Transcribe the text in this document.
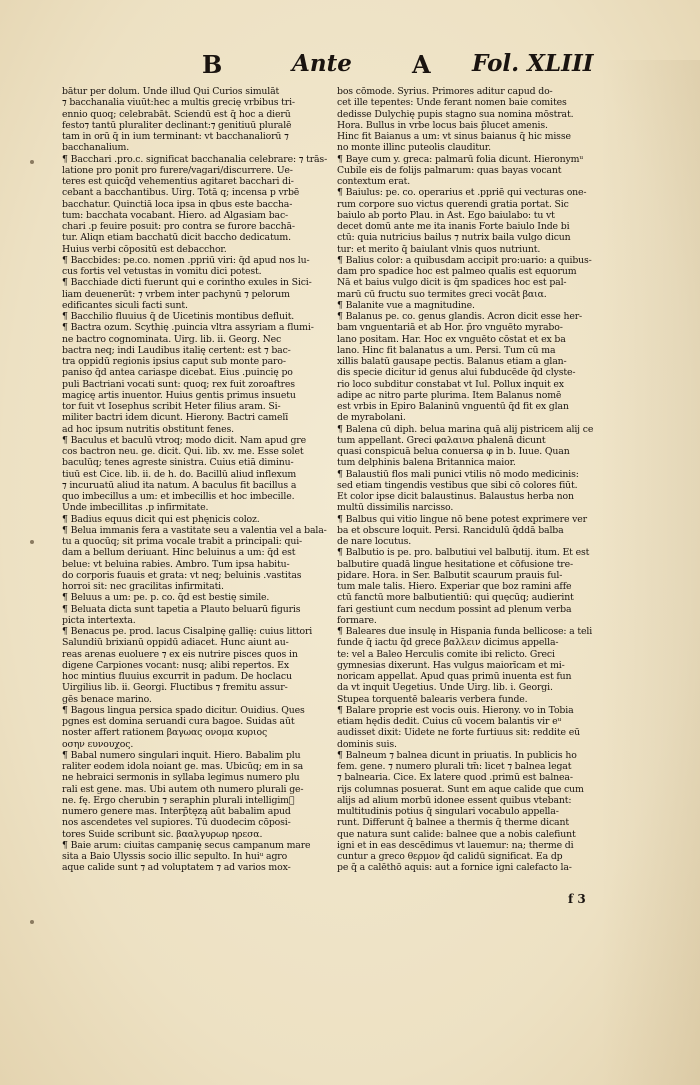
B	Ante	A Fol. XLIII
bātur per dolum. Unde illud Qui Curios simulāt
⁊ bacchanalia viuūt:hec a multis grecię vrbibus tri-
ennio quoq; celebrabāt. Sciendū est q̄ hoc a dierū
festo⁊ tantū pluraliter declinant:⁊ genitiuū pluralē
tam in orū q̄ in ium terminant: vt bacchanaliorū ⁊
bacchanalium.
¶ Bacchari .pro.c. significat bacchanalia celebrare: ⁊ trās-
latione pro ponit pro furere/vagari/discurrere. Ue-
teres est quicq̄d vehementius agitaret bacchari di-
cebant a bacchantibus. Uirg. Totā q; incensa p vrbē
bacchatur. Quinctiā loca ipsa in qbus este baccha-
tum: bacchata vocabant. Hiero. ad Algasiam bac-
chari .p feuire posuit: pro contra se furore bacchā-
tur. Aliqn etiam bacchatū dicit baccho dedicatum.
Huius verbi cōpositū est debacchor.
¶ Baccbides: pe.co. nomen .ppriū viri: q̄d apud nos lu-
cus fortis vel vetustas in vomitu dici potest.
¶ Bacchiade dicti fuerunt qui e corintho exules in Sici-
liam deuenerūt: ⁊ vrbem inter pachynū ⁊ pelorum
edificantes siculi facti sunt.
¶ Bacchilio fluuius q̄ de Uicetinis montibus defluit.
¶ Bactra ozum. Scythię .puincia vltra assyriam a flumi-
ne bactro cognominata. Uirg. lib. ii. Georg. Nec
bactra neq; indi Laudibus italię certent: est ⁊ bac-
tra oppidū regionis ipsius caput sub monte paro-
paniso q̄d antea cariaspe dicebat. Eius .puincię po
puli Bactriani vocati sunt: quoq; rex fuit zoroaftres
magicę artis inuentor. Huius gentis primus insuetu
tor fuit vt Iosephus scribit Heter filius aram. Si-
militer bactri idem dicunt. Hierony. Bactri camelī
ad hoc ipsum nutritis obstitunt fenes.
¶ Baculus et baculū vtroq; modo dicit. Nam apud gre
cos bactron neu. ge. dicit. Qui. lib. xv. me. Esse solet
baculūq; tenes agreste sinistra. Cuius etiā diminu-
tiuū est Cice. lib. ii. de h. do. Bacillū aliud inflexum
⁊ incuruatū aliud ita natum. A baculus fit bacillus a
quo imbecillus a um: et imbecillis et hoc imbecille.
Unde imbecillitas .p infirmitate.
¶ Badius equus dicit qui est phęnicis coloz.
¶ Belua immanis fera a vastitate seu a valentia vel a bala-
tu a quocūq; sit prima vocale trabit a principali: qui-
dam a bellum deriuant. Hinc beluinus a um: q̄d est
belue: vt beluina rabies. Ambro. Tum ipsa habitu-
do corporis fuauis et grata: vt neq; beluinis .vastitas
horroi sit: nec gracilitas infirmitati.
¶ Beluus a um: pe. p. co. q̄d est bestię simile.
¶ Beluata dicta sunt tapetia a Plauto beluarū figuris
picta intertexta.
¶ Benacus pe. prod. lacus Cisalpinę gallię: cuius littori
Salundiū brixianū oppidū adiacet. Hunc aiunt au-
reas arenas euoluere ⁊ ex eis nutrire pisces quos in
digene Carpiones vocant: nusq; alibi repertos. Ex
hoc mintius fluuius excurrit in padum. De hoclacu
Uirgilius lib. ii. Georgi. Fluctibus ⁊ fremitu assur-
gēs benace marino.
¶ Bagous lingua persica spado dicitur. Ouidius. Ques
pgnes est domina seruandi cura bagoe. Suidas aūt
noster affert rationem βαγωας ονομα κυριος
οσην ευνουχος.
¶ Babal numero singulari inquit. Hiero. Babalim plu
raliter eodem idola noiant ge. mas. Ubicūq; em in sa
ne hebraici sermonis in syllaba legimus numero plu
rali est gene. mas. Ubi autem oth numero plurali ge-
ne. fę. Ergo cherubin ⁊ seraphin plurali intelligim᷑
numero genere mas. Interp̄tęzą aūt babalim apud
nos ascendetes vel supiores. Tū duodecim cōposi-
tores Suide scribunt sic. βααλγυρωρ ηρεσα.
¶ Baie arum: ciuitas campanię secus campanum mare
sita a Baio Ulyssis socio illic sepulto. In huiᵘ agro
aque calide sunt ⁊ ad voluptatem ⁊ ad varios mox-
bos cōmode. Syrius. Primores aditur capud do-
cet ille tepentes: Unde ferant nomen baie comites
dedisse Dulychię pupis stagno sua nomina mōstrat.
Hora. Bullus in vrbe locus bais p̄lucet amenis.
Hinc fit Baianus a um: vt sinus baianus q̄ hic misse
no monte illinc puteolis clauditur.
¶ Baye cum y. greca: palmarū folia dicunt. Hieronymᵘ
Cubile eis de folijs palmarum: quas bayas vocant
contextum erat.
¶ Baiulus: pe. co. operarius et .ppriē qui vecturas one-
rum corpore suo victus querendi gratia portat. Sic
baiulo ab porto Plau. in Ast. Ego baiulabo: tu vt
decet domū ante me ita inanis Forte baiulo Inde bi
ctū: quia nutricius bailus ⁊ nutrix baila vulgo dicun
tur: et merito q̄ baiulant vlnis quos nutriunt.
¶ Balius color: a quibusdam accipit pro:uario: a quibus-
dam pro spadice hoc est palmeo qualis est equorum
Nā et baius vulgo dicit is q̄m spadices hoc est pal-
marū cū fructu suo termites greci vocāt βαια.
¶ Balanite vue a magnitudine.
¶ Balanus pe. co. genus glandis. Acron dicit esse her-
bam vnguentariā et ab Hor. p̄ro vnguēto myrabo-
lano positam. Har. Hoc ex vnguēto cōstat et ex ba
lano. Hinc fit balanatus a um. Persi. Tum cū ma
xillis balatū gausape pectis. Balanus etiam a glan-
dis specie dicitur id genus alui fubducēde q̄d clyste-
rio loco subditur constabat vt Iul. Pollux inquit ex
adipe ac nitro parte plurima. Item Balanus nomē
est vrbis in Epiro Balaninū vnguentū q̄d fit ex glan
de myrabolani.
¶ Balena cū diph. belua marina quā alij pistricem alij ce
tum appellant. Greci φαλαινα phalenā dicunt
quasi conspicuā belua conuersa φ in b. Iuue. Quan
tum delphinis balena Britannica maior.
¶ Balaustiū flos mali punici vtilis nō modo medicinis:
sed etiam tingendis vestibus que sibi cō colores fiūt.
Et color ipse dicit balaustinus. Balaustus herba non
multū dissimilis narcisso.
¶ Balbus qui vitio lingue nō bene potest exprimere ver
ba et obscure loquit. Persi. Rancidulū q̄ddā balba
de nare locutus.
¶ Balbutio is pe. pro. balbutiui vel balbutij. itum. Et est
balbutire quadā lingue hesitatione et cōfusione tre-
pidare. Hora. in Ser. Balbutit scaurum prauis ful-
tum male talis. Hiero. Experiar que boz ramini affe
ctū fanctū more balbutientiū: qui quęcūq; audierint
fari gestiunt cum necdum possint ad plenum verba
formare.
¶ Baleares due insulę in Hispania funda bellicose: a teli
funde q̄ iactu q̄d grece βαλλειν dicimus appella-
te: vel a Baleo Herculis comite ibi relicto. Greci
gymnesias dixerunt. Has vulgus maiorīcam et mi-
noricam appellat. Apud quas primū inuenta est fun
da vt inquit Uegetius. Unde Uirg. lib. i. Georgi.
Stupea torquentē balearis verbera funde.
¶ Balare proprie est vocis ouis. Hierony. vo in Tobia
etiam hędis dedit. Cuius cū vocem balantis vir eᵘ
audisset dixit: Uidete ne forte furtiuus sit: reddite eū
dominis suis.
¶ Balneum ⁊ balnea dicunt in priuatis. In publicis ho
fem. gene. ⁊ numero plurali tm̄: licet ⁊ balnea legat
⁊ balnearia. Cice. Ex latere quod .primū est balnea-
rijs columnas posuerat. Sunt em aque calide que cum
alijs ad alium morbū idonee essent quibus vtebant:
multitudinis potius q̄ singulari vocabulo appella-
runt. Differunt q̄ balnee a thermis q̄ therme dicant
que natura sunt calide: balnee que a nobis calefiunt
igni et in eas descēdimus vt lauemur: na; therme di
cuntur a greco θερμον q̄d calidū significat. Ea dp
pe q̄ a calēthō aquis: aut a fornice igni calefacto la-
f 3
